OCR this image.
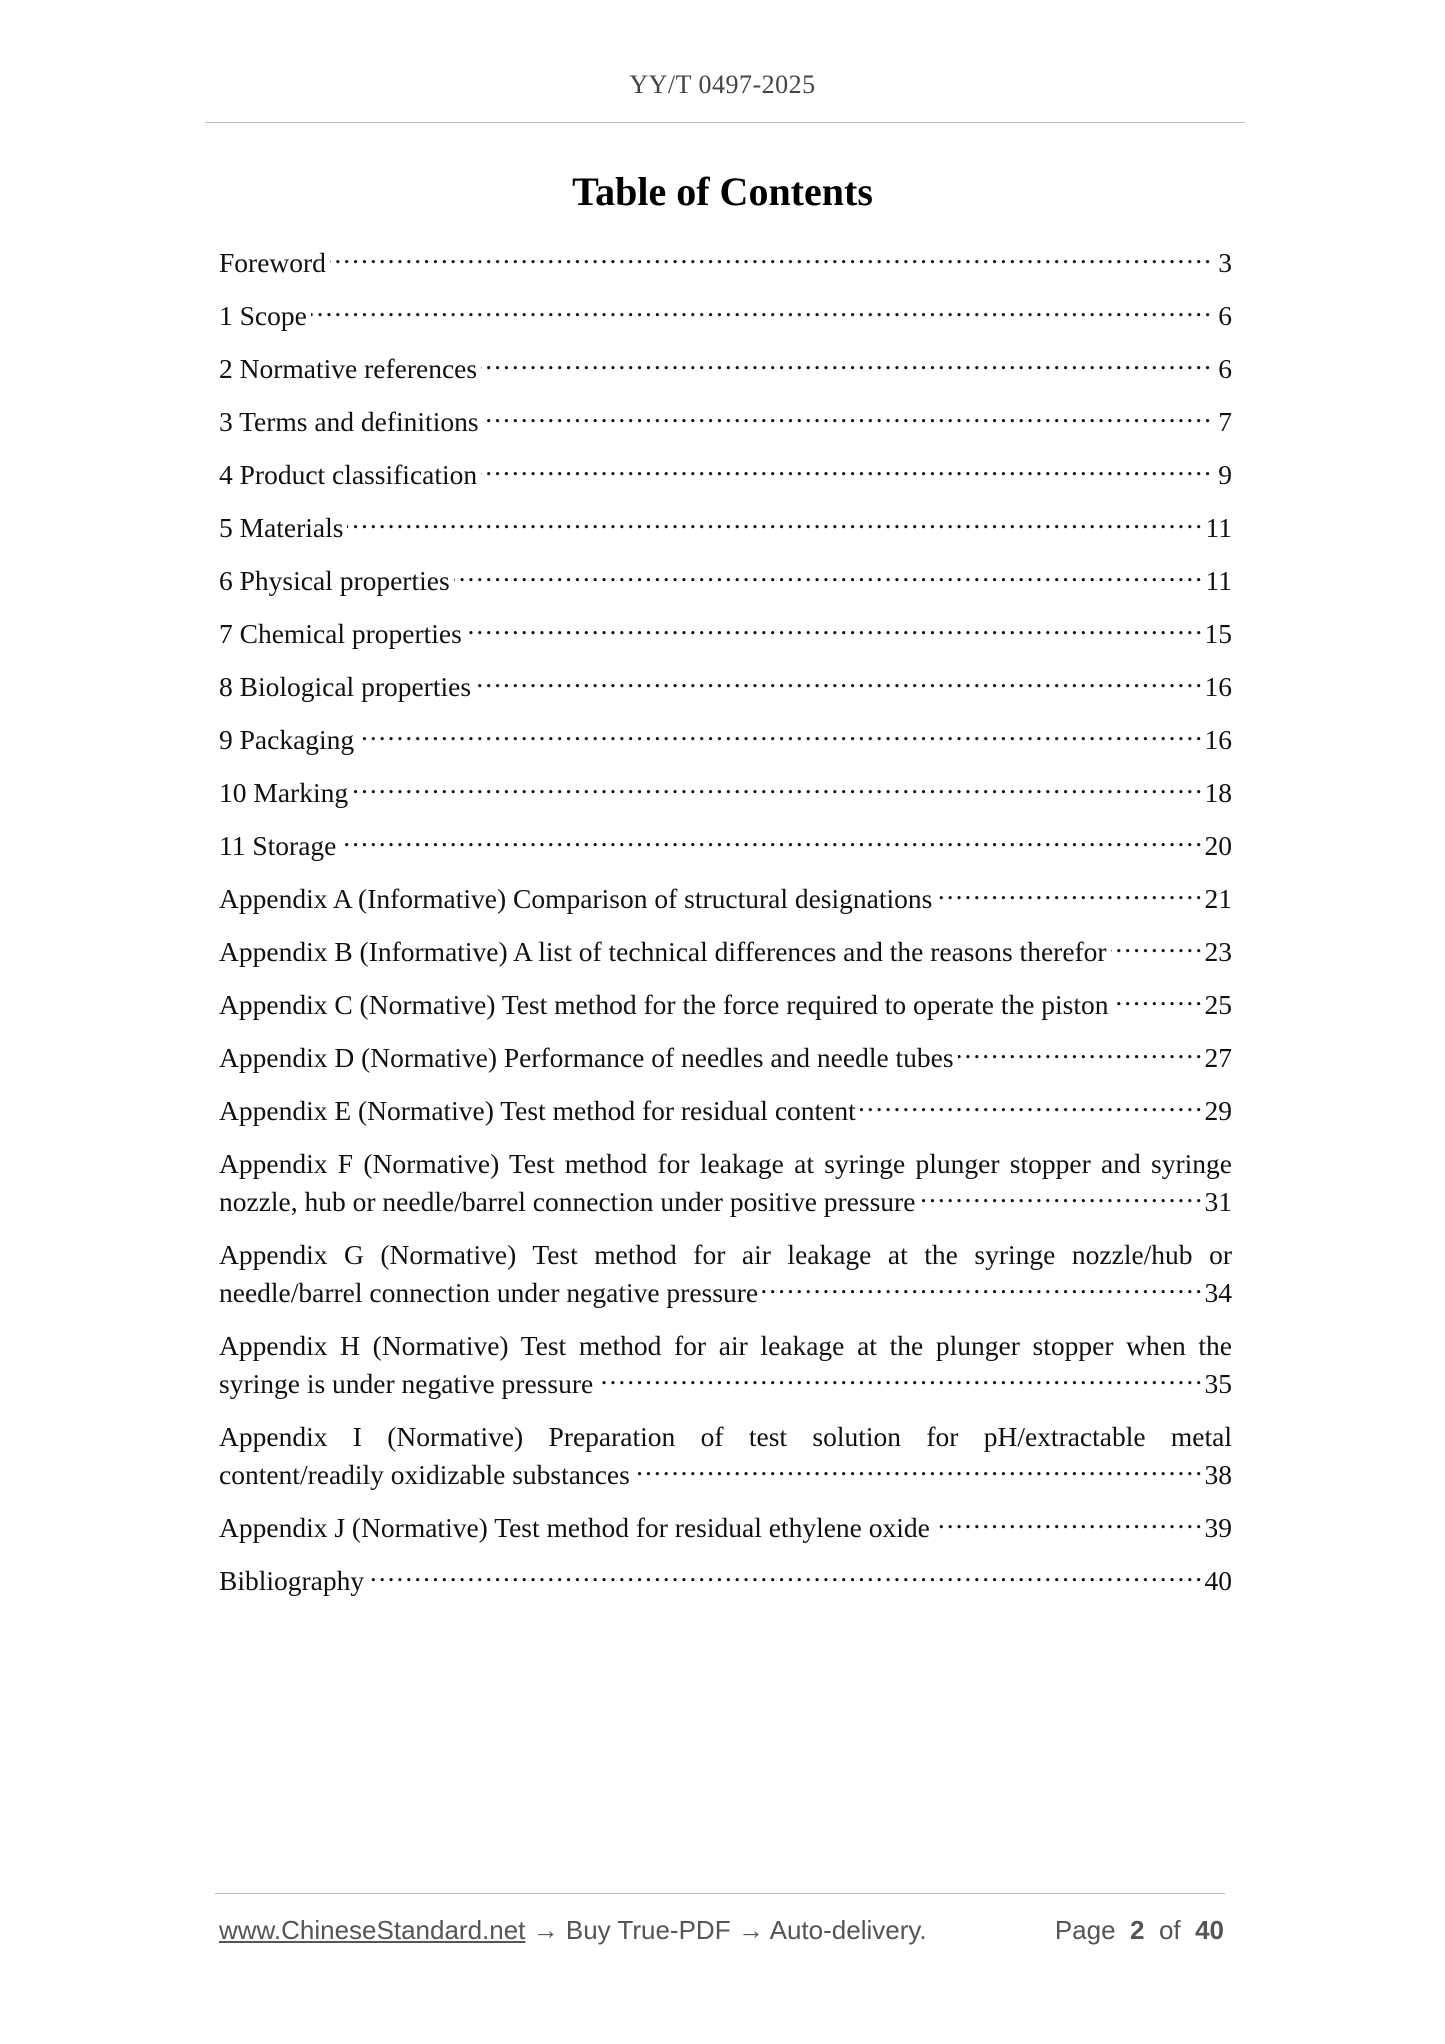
YY/T 0497-2025
Table of Contents
.....
Foreword	3
.....
1 Scope	6
.....
2 Normative references	6
.....
3 Terms and definitions	7
.....
4 Product classification	9
.....
5 Materials	11
.....
6 Physical properties	11
.....
7 Chemical properties	15
.....
8 Biological properties	16
.....
9 Packaging	16
.....
10 Marking	18
.....
11 Storage	20
.....
Appendix A (Informative) Comparison of structural designations	21
.....
Appendix B (Informative) A list of technical differences and the reasons therefor	23
.....
Appendix C (Normative) Test method for the force required to operate the piston	25
.....
Appendix D (Normative) Performance of needles and needle tubes	27
.....
Appendix E (Normative) Test method for residual content	29
Appendix F (Normative) Test method for leakage at syringe plunger stopper and syringe
.....
nozzle, hub or needle/barrel connection under positive pressure	31
Appendix G (Normative) Test method for air leakage at the syringe nozzle/hub or
.....
needle/barrel connection under negative pressure	34
Appendix H (Normative) Test method for air leakage at the plunger stopper when the
.....
syringe is under negative pressure	35
Appendix I (Normative) Preparation of test solution for pH/extractable metal
.....
content/readily oxidizable substances	38
.....
Appendix J (Normative) Test method for residual ethylene oxide	39
.....
Bibliography	40
www.ChineseStandard.net → Buy True-PDF → Auto-delivery.	Page 2 of 40
